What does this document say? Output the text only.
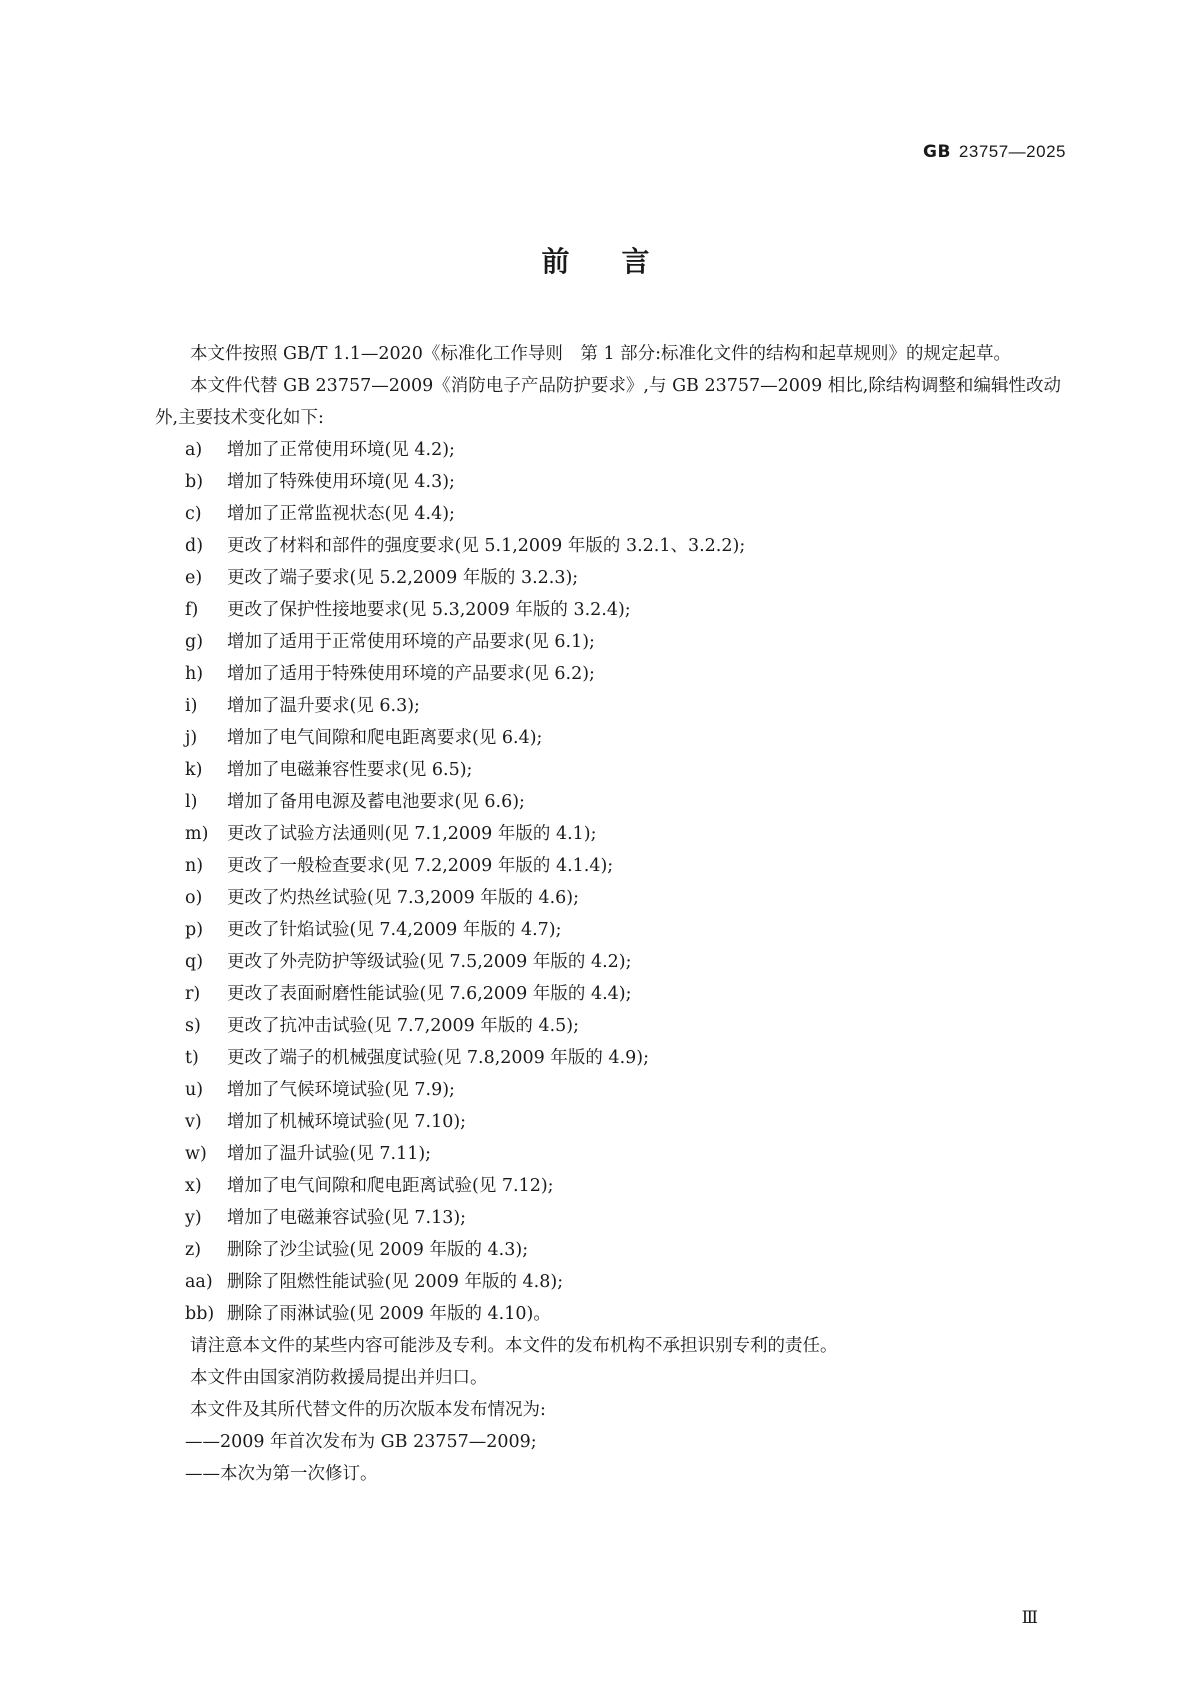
GB 23757—2025
前言

本文件按照 GB/T 1.1—2020《标准化工作导则　第 1 部分:标准化文件的结构和起草规则》的规定起草。

本文件代替 GB 23757—2009《消防电子产品防护要求》,与 GB 23757—2009 相比,除结构调整和编辑性改动外,主要技术变化如下:

a) 增加了正常使用环境(见 4.2);
b) 增加了特殊使用环境(见 4.3);
c) 增加了正常监视状态(见 4.4);
d) 更改了材料和部件的强度要求(见 5.1,2009 年版的 3.2.1、3.2.2);
e) 更改了端子要求(见 5.2,2009 年版的 3.2.3);
f) 更改了保护性接地要求(见 5.3,2009 年版的 3.2.4);
g) 增加了适用于正常使用环境的产品要求(见 6.1);
h) 增加了适用于特殊使用环境的产品要求(见 6.2);
i) 增加了温升要求(见 6.3);
j) 增加了电气间隙和爬电距离要求(见 6.4);
k) 增加了电磁兼容性要求(见 6.5);
l) 增加了备用电源及蓄电池要求(见 6.6);
m) 更改了试验方法通则(见 7.1,2009 年版的 4.1);
n) 更改了一般检查要求(见 7.2,2009 年版的 4.1.4);
o) 更改了灼热丝试验(见 7.3,2009 年版的 4.6);
p) 更改了针焰试验(见 7.4,2009 年版的 4.7);
q) 更改了外壳防护等级试验(见 7.5,2009 年版的 4.2);
r) 更改了表面耐磨性能试验(见 7.6,2009 年版的 4.4);
s) 更改了抗冲击试验(见 7.7,2009 年版的 4.5);
t) 更改了端子的机械强度试验(见 7.8,2009 年版的 4.9);
u) 增加了气候环境试验(见 7.9);
v) 增加了机械环境试验(见 7.10);
w) 增加了温升试验(见 7.11);
x) 增加了电气间隙和爬电距离试验(见 7.12);
y) 增加了电磁兼容试验(见 7.13);
z) 删除了沙尘试验(见 2009 年版的 4.3);
aa) 删除了阻燃性能试验(见 2009 年版的 4.8);
bb) 删除了雨淋试验(见 2009 年版的 4.10)。

请注意本文件的某些内容可能涉及专利。本文件的发布机构不承担识别专利的责任。

本文件由国家消防救援局提出并归口。

本文件及其所代替文件的历次版本发布情况为:

——2009 年首次发布为 GB 23757—2009;

——本次为第一次修订。

Ⅲ
